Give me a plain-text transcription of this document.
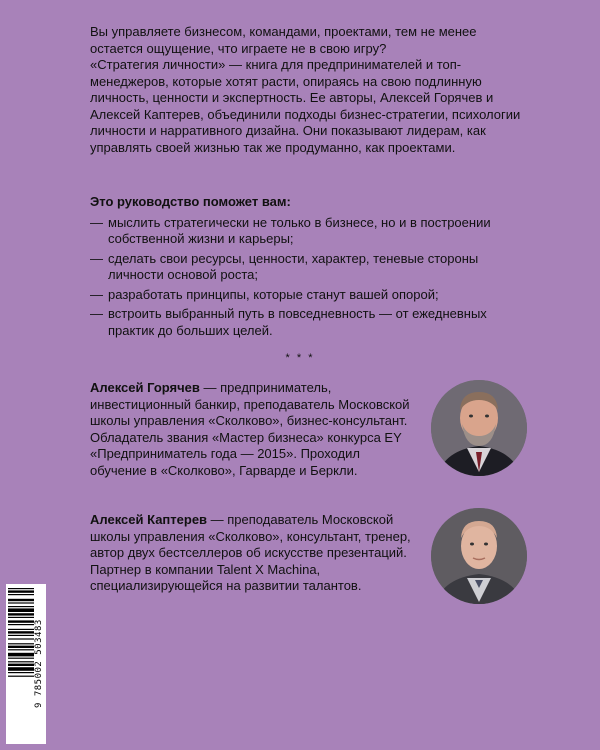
Вы управляете бизнесом, командами, проектами, тем не менее остается ощущение, что играете не в свою игру?

«Стратегия личности» — книга для предпринимателей и топ-менеджеров, которые хотят расти, опираясь на свою подлинную личность, ценности и экспертность. Ее авторы, Алексей Горячев и Алексей Каптерев, объединили подходы бизнес-стратегии, психологии личности и нарративного дизайна. Они показывают лидерам, как управлять своей жизнью так же продуманно, как проектами.

Это руководство поможет вам:
— мыслить стратегически не только в бизнесе, но и в построении собственной жизни и карьеры;
— сделать свои ресурсы, ценности, характер, теневые стороны личности основой роста;
— разработать принципы, которые станут вашей опорой;
— встроить выбранный путь в повседневность — от ежедневных практик до больших целей.
* * *

Алексей Горячев — предприниматель, инвестиционный банкир, преподаватель Московской школы управления «Сколково», бизнес-консультант. Обладатель звания «Мастер бизнеса» конкурса EY «Предприниматель года — 2015». Проходил обучение в «Сколково», Гарварде и Беркли.

Алексей Каптерев — преподаватель Московской школы управления «Сколково», консультант, тренер, автор двух бестселлеров об искусстве презентаций. Партнер в компании Talent X Machina, специализирующейся на развитии талантов.

9 785002 503483
